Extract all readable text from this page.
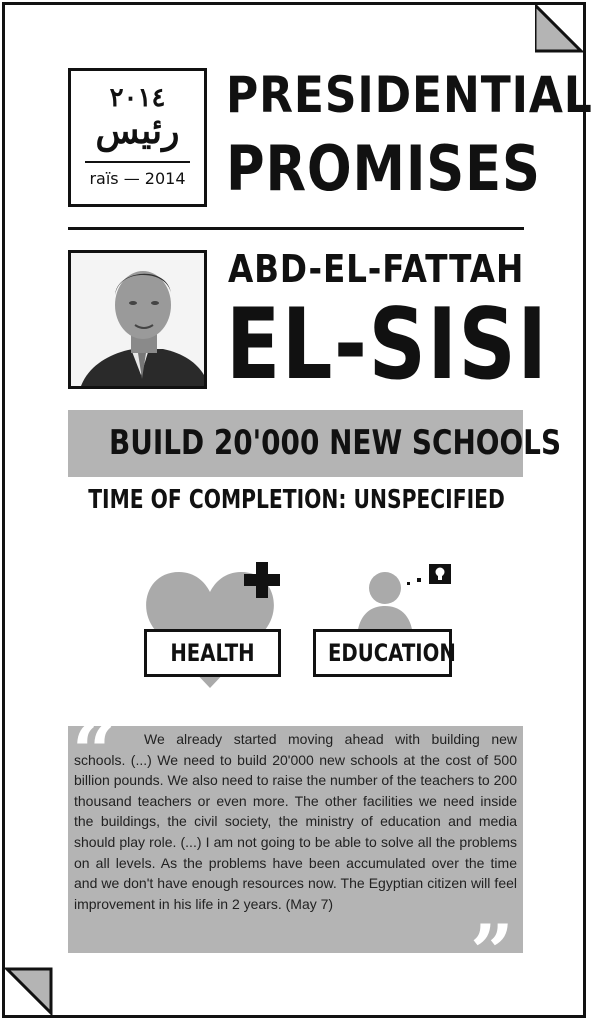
٢٠١٤
رئيس
raïs — 2014
PRESIDENTIAL
PROMISES
ABD-EL-FATTAH
EL-SISI
BUILD 20'000 NEW SCHOOLS
TIME OF COMPLETION: UNSPECIFIED
HEALTH	EDUCATION

We already started moving ahead with building new schools. (...) We need to build 20'000 new schools at the cost of 500 billion pounds. We also need to raise the number of the teachers to 200 thousand teachers or even more. The other facilities we need inside the buildings, the civil society, the ministry of education and media should play role. (...) I am not going to be able to solve all the problems on all levels. As the problems have been accumulated over the time and we don't have enough resources now. The Egyptian citizen will feel improvement in his life in 2 years. (May 7)

“
”
